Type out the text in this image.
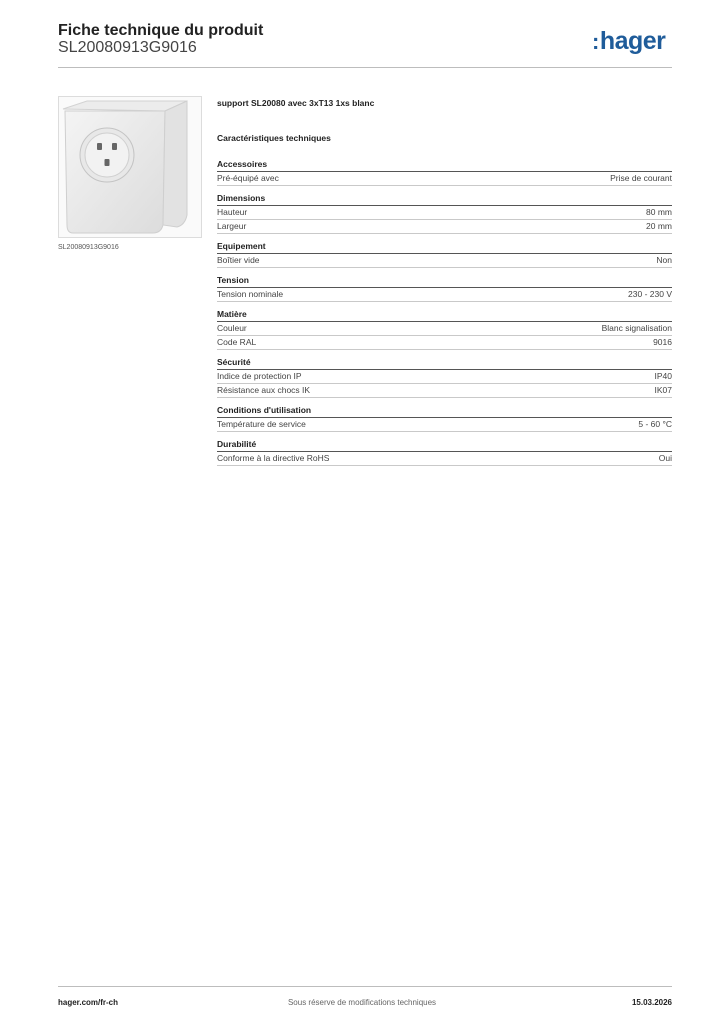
Fiche technique du produit
SL20080913G9016	:hager
SL20080913G9016
support SL20080 avec 3xT13 1xs blanc
Caractéristiques techniques
Accessoires
Pré-équipé avec	Prise de courant
Dimensions
Hauteur	80 mm
Largeur	20 mm
Equipement
Boîtier vide	Non
Tension
Tension nominale	230 - 230 V
Matière
Couleur	Blanc signalisation
Code RAL	9016
Sécurité
Indice de protection IP	IP40
Résistance aux chocs IK	IK07
Conditions d'utilisation
Température de service	5 - 60 °C
Durabilité
Conforme à la directive RoHS	Oui
hager.com/fr-ch	Sous réserve de modifications techniques	15.03.2026
